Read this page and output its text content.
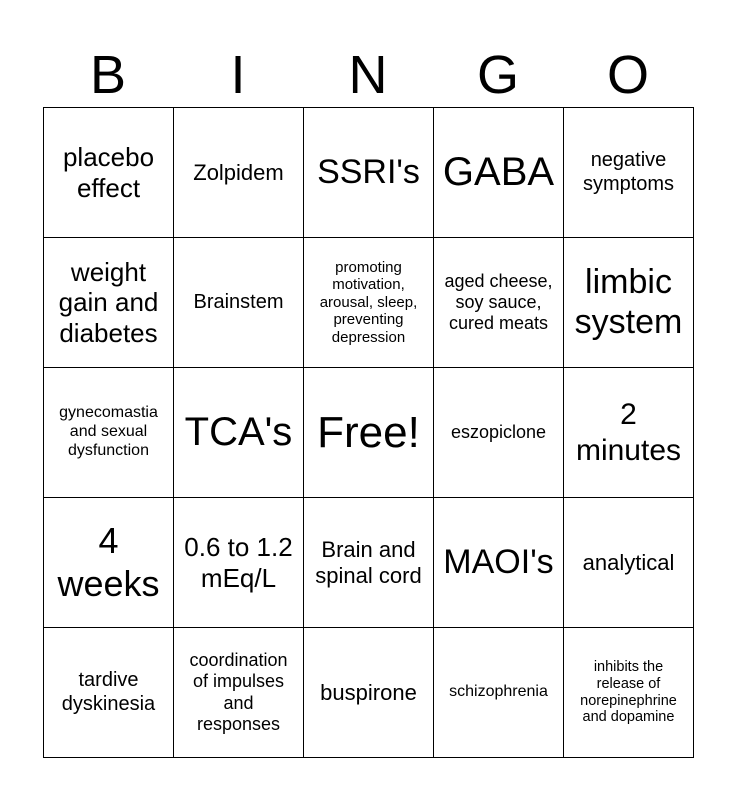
B	I	N	G	O
placebo effect	Zolpidem	SSRI's	GABA	negative symptoms
weight gain and diabetes	Brainstem	promoting motivation, arousal, sleep, preventing depression	aged cheese, soy sauce, cured meats	limbic system
gynecomastia and sexual dysfunction	TCA's	Free!	eszopiclone	2 minutes
4 weeks	0.6 to 1.2 mEq/L	Brain and spinal cord	MAOI's	analytical
tardive dyskinesia	coordination of impulses and responses	buspirone	schizophrenia	inhibits the release of norepinephrine and dopamine
